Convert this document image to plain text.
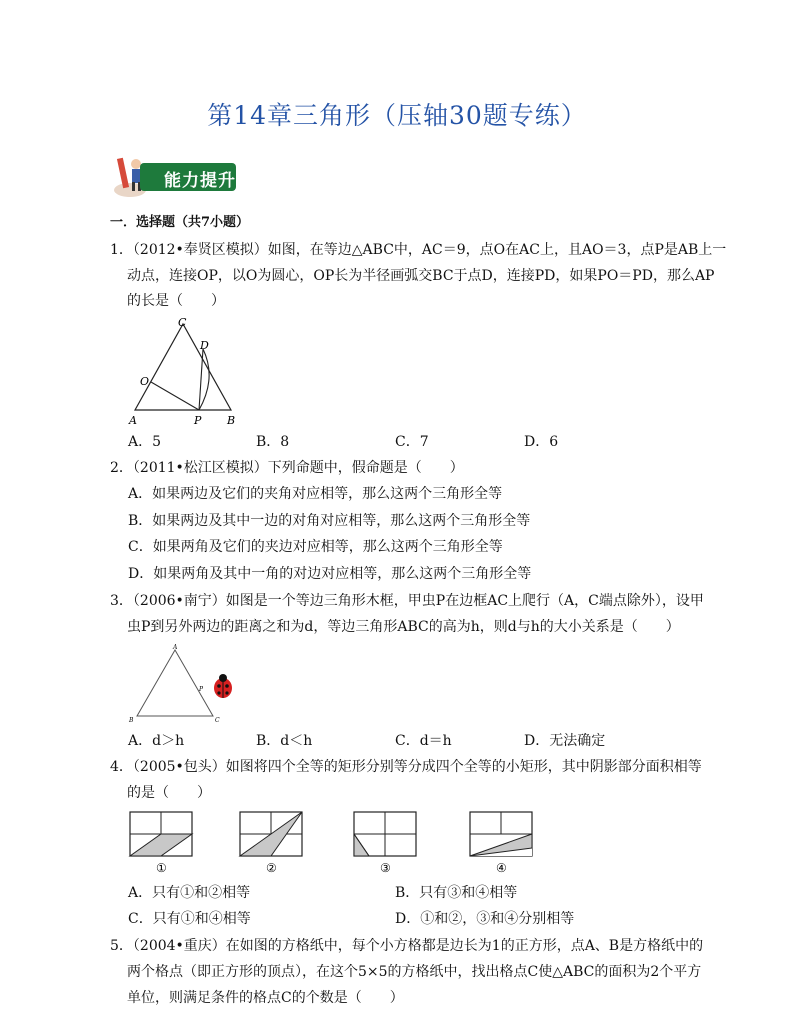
第14章三角形（压轴30题专练）
能力提升
一．选择题（共7小题）
1．（2012•奉贤区模拟）如图，在等边△ABC中，AC＝9，点O在AC上，且AO＝3，点P是AB上一
动点，连接OP，以O为圆心，OP长为半径画弧交BC于点D，连接PD，如果PO＝PD，那么AP
的长是（　　）
C
D
O
A	P B
A．5	B．8	C．7	D．6
2．（2011•松江区模拟）下列命题中，假命题是（　　）
A．如果两边及它们的夹角对应相等，那么这两个三角形全等
B．如果两边及其中一边的对角对应相等，那么这两个三角形全等
C．如果两角及它们的夹边对应相等，那么这两个三角形全等
D．如果两角及其中一角的对边对应相等，那么这两个三角形全等
3．（2006•南宁）如图是一个等边三角形木框，甲虫P在边框AC上爬行（A，C端点除外），设甲
虫P到另外两边的距离之和为d，等边三角形ABC的高为h，则d与h的大小关系是（　　）
A
B	C
P
A．d＞h	B．d＜h	C．d＝h	D．无法确定
4．（2005•包头）如图将四个全等的矩形分别等分成四个全等的小矩形，其中阴影部分面积相等
的是（　　）
①	②	③	④
A．只有①和②相等	B．只有③和④相等
C．只有①和④相等	D．①和②，③和④分别相等
5．（2004•重庆）在如图的方格纸中，每个小方格都是边长为1的正方形，点A、B是方格纸中的
两个格点（即正方形的顶点），在这个5×5的方格纸中，找出格点C使△ABC的面积为2个平方
单位，则满足条件的格点C的个数是（　　）
